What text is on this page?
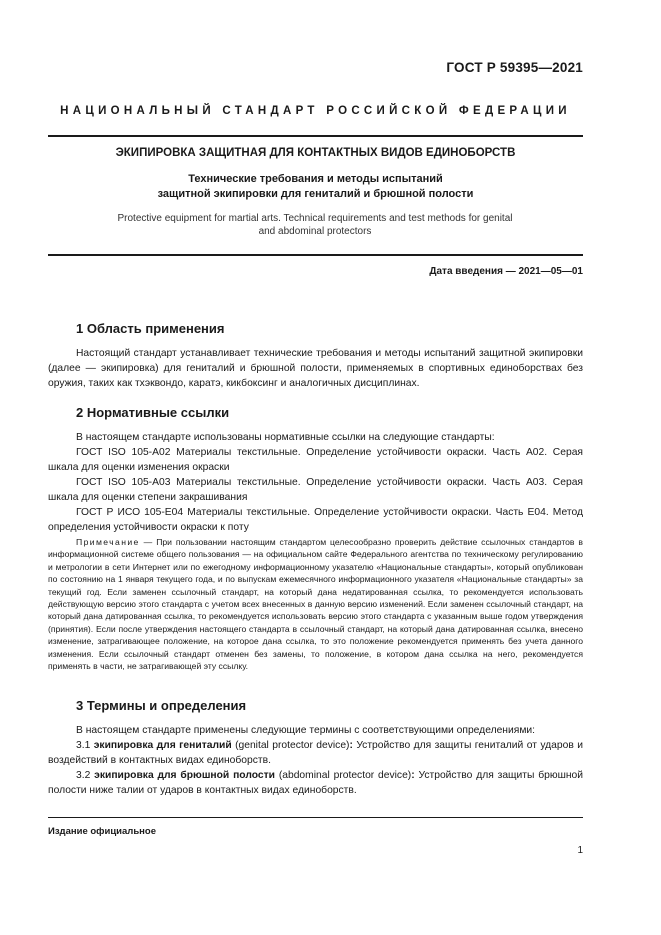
ГОСТ Р 59395—2021
НАЦИОНАЛЬНЫЙ СТАНДАРТ РОССИЙСКОЙ ФЕДЕРАЦИИ
ЭКИПИРОВКА ЗАЩИТНАЯ ДЛЯ КОНТАКТНЫХ ВИДОВ ЕДИНОБОРСТВ
Технические требования и методы испытаний
защитной экипировки для гениталий и брюшной полости
Protective equipment for martial arts. Technical requirements and test methods for genital
and abdominal protectors
Дата введения — 2021—05—01
1 Область применения

Настоящий стандарт устанавливает технические требования и методы испытаний защитной экипировки (далее — экипировка) для гениталий и брюшной полости, применяемых в спортивных единоборствах без оружия, таких как тхэквондо, каратэ, кикбоксинг и аналогичных дисциплинах.

2 Нормативные ссылки

В настоящем стандарте использованы нормативные ссылки на следующие стандарты:

ГОСТ ISO 105-A02 Материалы текстильные. Определение устойчивости окраски. Часть A02. Серая шкала для оценки изменения окраски

ГОСТ ISO 105-A03 Материалы текстильные. Определение устойчивости окраски. Часть A03. Серая шкала для оценки степени закрашивания

ГОСТ Р ИСО 105-E04 Материалы текстильные. Определение устойчивости окраски. Часть E04. Метод определения устойчивости окраски к поту

Примечание — При пользовании настоящим стандартом целесообразно проверить действие ссылочных стандартов в информационной системе общего пользования — на официальном сайте Федерального агентства по техническому регулированию и метрологии в сети Интернет или по ежегодному информационному указателю «Национальные стандарты», который опубликован по состоянию на 1 января текущего года, и по выпускам ежемесячного информационного указателя «Национальные стандарты» за текущий год. Если заменен ссылочный стандарт, на который дана недатированная ссылка, то рекомендуется использовать действующую версию этого стандарта с учетом всех внесенных в данную версию изменений. Если заменен ссылочный стандарт, на который дана датированная ссылка, то рекомендуется использовать версию этого стандарта с указанным выше годом утверждения (принятия). Если после утверждения настоящего стандарта в ссылочный стандарт, на который дана датированная ссылка, внесено изменение, затрагивающее положение, на которое дана ссылка, то это положение рекомендуется применять без учета данного изменения. Если ссылочный стандарт отменен без замены, то положение, в котором дана ссылка на него, рекомендуется применять в части, не затрагивающей эту ссылку.

3 Термины и определения

В настоящем стандарте применены следующие термины с соответствующими определениями:

3.1 экипировка для гениталий (genital protector device): Устройство для защиты гениталий от ударов и воздействий в контактных видах единоборств.

3.2 экипировка для брюшной полости (abdominal protector device): Устройство для защиты брюшной полости ниже талии от ударов в контактных видах единоборств.

Издание официальное
1
